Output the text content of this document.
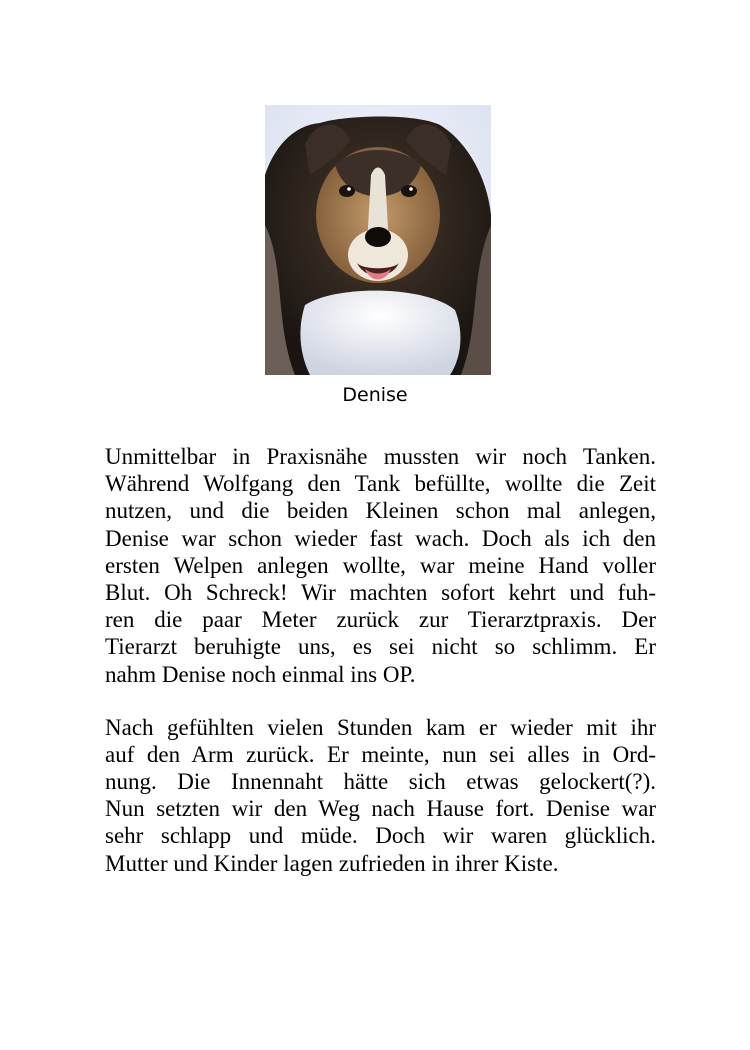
Denise
Unmittelbar in Praxisnähe mussten wir noch Tanken.
Während Wolfgang den Tank befüllte, wollte die Zeit
nutzen, und die beiden Kleinen schon mal anlegen,
Denise war schon wieder fast wach. Doch als ich den
ersten Welpen anlegen wollte, war meine Hand voller
Blut. Oh Schreck! Wir machten sofort kehrt und fuh-
ren die paar Meter zurück zur Tierarztpraxis. Der
Tierarzt beruhigte uns, es sei nicht so schlimm. Er
nahm Denise noch einmal ins OP.
Nach gefühlten vielen Stunden kam er wieder mit ihr
auf den Arm zurück. Er meinte, nun sei alles in Ord-
nung. Die Innennaht hätte sich etwas gelockert(?).
Nun setzten wir den Weg nach Hause fort. Denise war
sehr schlapp und müde. Doch wir waren glücklich.
Mutter und Kinder lagen zufrieden in ihrer Kiste.
